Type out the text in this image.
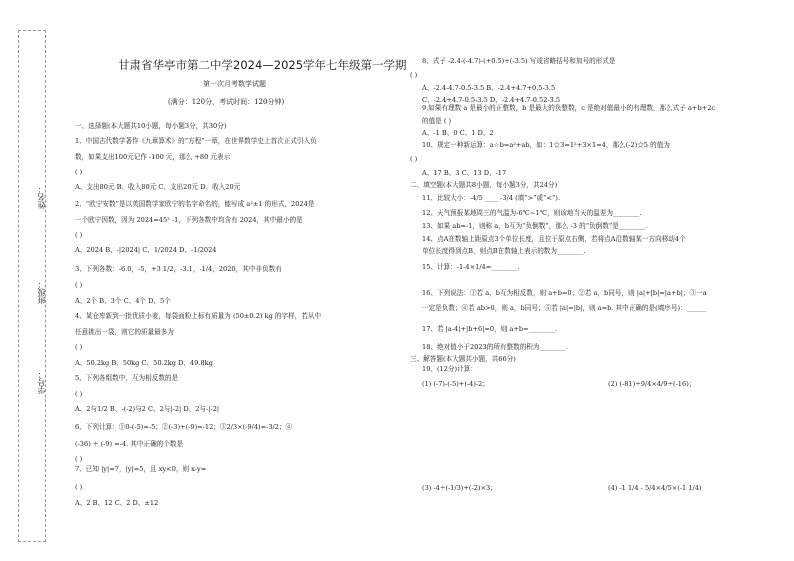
姓名：
班级：
学号：
甘肃省华亭市第二中学2024—2025学年七年级第一学期
第一次月考数学试题
(满分：120分，考试时间：120分钟)
一、选择题(本大题共10小题，每小题3分，共30分)
1、中国古代数学著作《九章算术》的“方程”一章，在世界数学史上首次正式引入负
数，如果支出100元记作 -100 元，那么 +80 元表示
( )
A、支出80元 B、收入80元 C、支出20元 D、收入20元
2、“欧宁安数”是以英国数学家欧宁的名字命名的，能写成 a²±1 的形式，2024是
一个欧宁因数，因为 2024=45² -1，下列各数中均含有 2024，其中最小的是
( )
A、2024 B、-|2024| C、1/2024 D、-1/2024
3、下列各数：-6.0，-5，+3 1/2，-3.1，-1/4，2020，其中非负数有
( )
A、2个 B、3个 C、4个 D、5个
4、某仓库新到一批优质小麦，每袋面粉上标有质量为 (50±0.2) kg 的字样，若从中
任意挑出一袋，则它的质量最多为
( )
A、50.2kg B、50kg C、50.2kg D、49.8kg
5、下列各组数中，互为相反数的是
( )
A、2与1/2 B、-(-2)与2 C、2与|-2| D、2与-|-2|
6、下列计算：①0-(-5)=-5；②(-3)+(-9)=-12；③2/3×(-9/4)=-3/2；④
(-36) ÷ (-9) =-4. 其中正确的个数是
( )
7、已知 |y|=7，|y|=5，且 xy<0，则 x-y=
( )
A、2 B、12 C、2 D、±12
8、式子 -2.4-(-4.7)-(+0.5)+(-3.5) 写成省略括号和加号的形式是
( )
A、-2.4-4.7-0.5-3.5 B、-2.4+4.7+0.5-3.5
C、-2.4+4.7-0.5-3.5 D、-2.4+4.7-0.52-3.5
9.如果有理数 a 是最小的正整数，b 是最大的负整数，c 是绝对值最小的有理数，那么式子 a+b+2c
的值是 ( )
A、-1 B、0 C、1 D、2
10、规定一种新运算：a☆b=a²+ab，如：1☆3=1²+3×1=4，那么(-2)☆5 的值为
( )
A、17 B、3 C、13 D、-17
二、填空题(本大题共8小题，每小题3分，共24分)
11、比较大小：-4/5 ____ -3/4 (填“>”或“<”).
12、天气预报某地周三的气温为-6℃~1℃，则该地当天的温差为________.
13、如果 ab=-1，则称 a，b互为“负倒数”，那么 -3 的“负倒数”是________.
14、点A在数轴上距原点3个单位长度，且位于原点右侧，若将点A沿数轴某一方向移动4个
单位长度得到点B，则点B在数轴上表示的数为________.
15、计算：-1-4×1/4=________.
16、下列说法：①若 a，b互为相反数，则 a+b=0；②若 a，b同号，则 |a|+|b|=|a+b|；③一a
一定是负数；④若 ab>0，则 a，b同号；⑤若 |a|=|b|，则 a=b. 其中正确的是(填序号)：______
17、若 |a-4|+|b+6|=0，则 a+b=________.
18、绝对值小于2023的所有整数的积为________.
三、解答题(本大题共小题，共66分)
19、(12分)计算：
(1) (-7)-(-5)+(-4)-2；	(2) (-81)÷9/4×4/9÷(-16)；
(3) -4÷(-1/3)+(-2)×3；	(4) -1 1/4 - 5/4×4/5×(-1 1/4)
